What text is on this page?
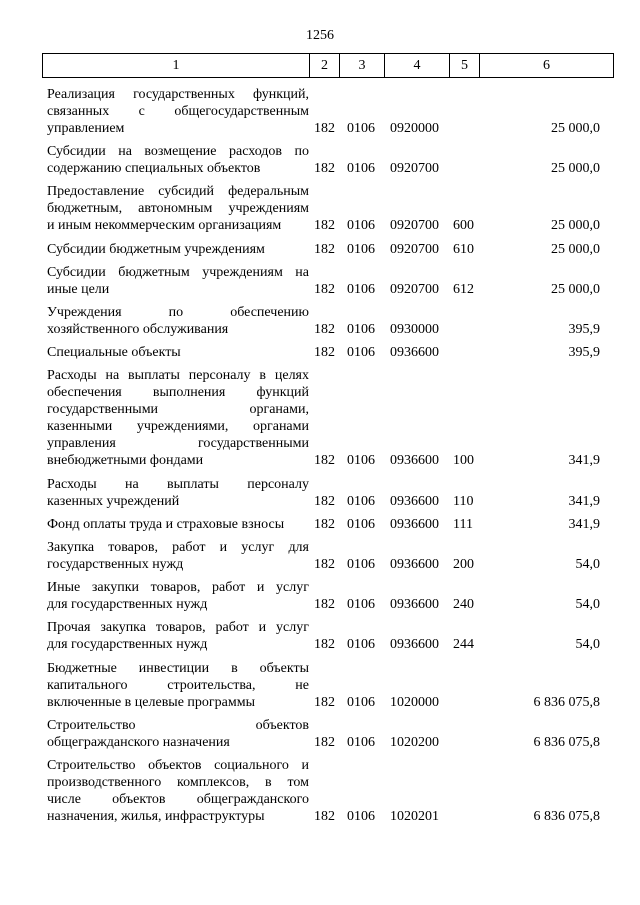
1256
1	2	3	4	5	6
Реализация государственных функций,
связанных с общегосударственным
управлением	182 0106 0920000	25 000,0
Субсидии на возмещение расходов по
содержанию специальных объектов	182 0106 0920700	25 000,0
Предоставление субсидий федеральным
бюджетным, автономным учреждениям
и иным некоммерческим организациям	182 0106 0920700 600	25 000,0
Субсидии бюджетным учреждениям	182 0106 0920700 610	25 000,0
Субсидии бюджетным учреждениям на
иные цели	182 0106 0920700 612	25 000,0
Учреждения по обеспечению
хозяйственного обслуживания	182 0106 0930000	395,9
Специальные объекты	182 0106 0936600	395,9
Расходы на выплаты персоналу в целях
обеспечения выполнения функций
государственными органами,
казенными учреждениями, органами
управления государственными
внебюджетными фондами	182 0106 0936600 100	341,9
Расходы на выплаты персоналу
казенных учреждений	182 0106 0936600 110	341,9
Фонд оплаты труда и страховые взносы	182 0106 0936600 111	341,9
Закупка товаров, работ и услуг для
государственных нужд	182 0106 0936600 200	54,0
Иные закупки товаров, работ и услуг
для государственных нужд	182 0106 0936600 240	54,0
Прочая закупка товаров, работ и услуг
для государственных нужд	182 0106 0936600 244	54,0
Бюджетные инвестиции в объекты
капитального строительства, не
включенные в целевые программы	182 0106 1020000	6 836 075,8
Строительство объектов
общегражданского назначения	182 0106 1020200	6 836 075,8
Строительство объектов социального и
производственного комплексов, в том
числе объектов общегражданского
назначения, жилья, инфраструктуры	182 0106 1020201	6 836 075,8
